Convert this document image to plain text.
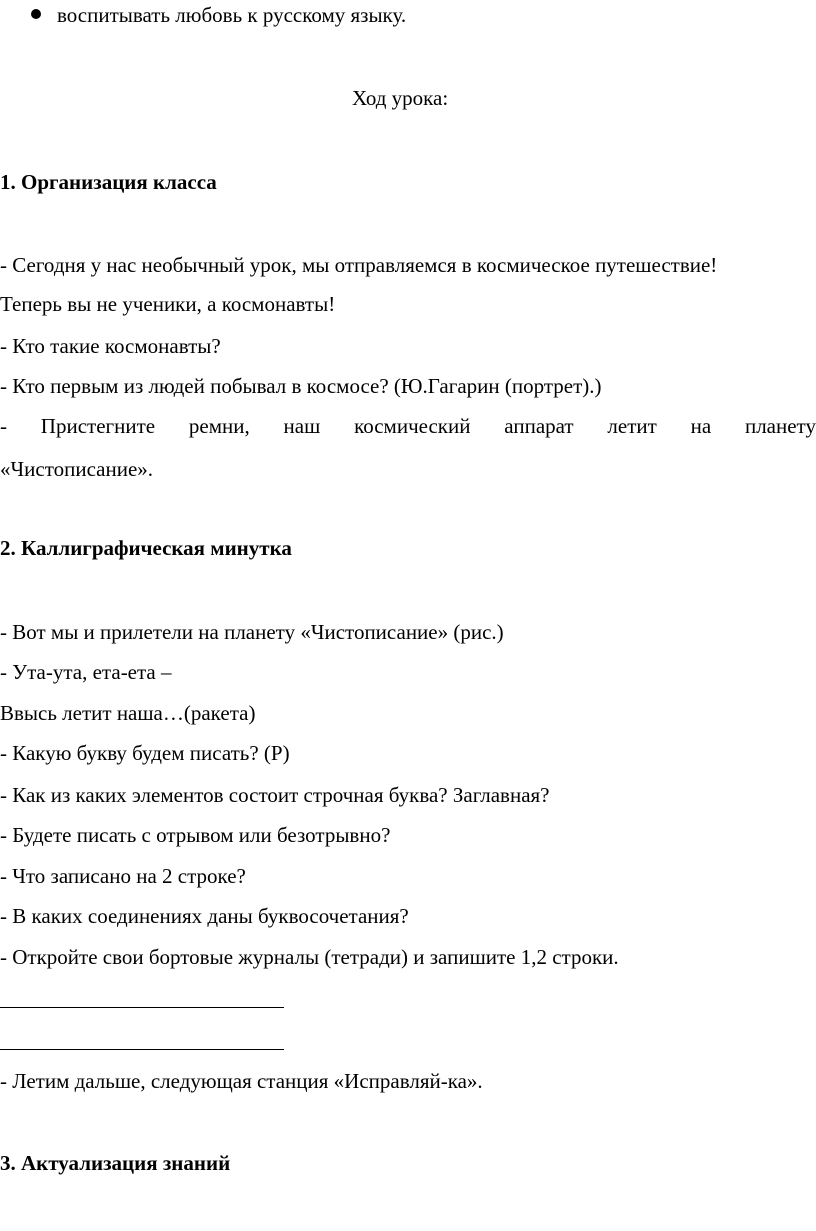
воспитывать любовь к русскому языку.
Ход урока:
1. Организация класса
- Сегодня у нас необычный урок, мы отправляемся в космическое путешествие!
Теперь вы не ученики, а космонавты!
- Кто такие космонавты?
- Кто первым из людей побывал в космосе? (Ю.Гагарин (портрет).)
- Пристегните ремни, наш космический аппарат летит на планету
«Чистописание».
2. Каллиграфическая минутка
- Вот мы и прилетели на планету «Чистописание» (рис.)
- Ута-ута, ета-ета –
Ввысь летит наша…(ракета)
- Какую букву будем писать? (Р)
- Как из каких элементов состоит строчная буква? Заглавная?
- Будете писать с отрывом или безотрывно?
- Что записано на 2 строке?
- В каких соединениях даны буквосочетания?
- Откройте свои бортовые журналы (тетради) и запишите 1,2 строки.
- Летим дальше, следующая станция «Исправляй-ка».
3. Актуализация знаний
